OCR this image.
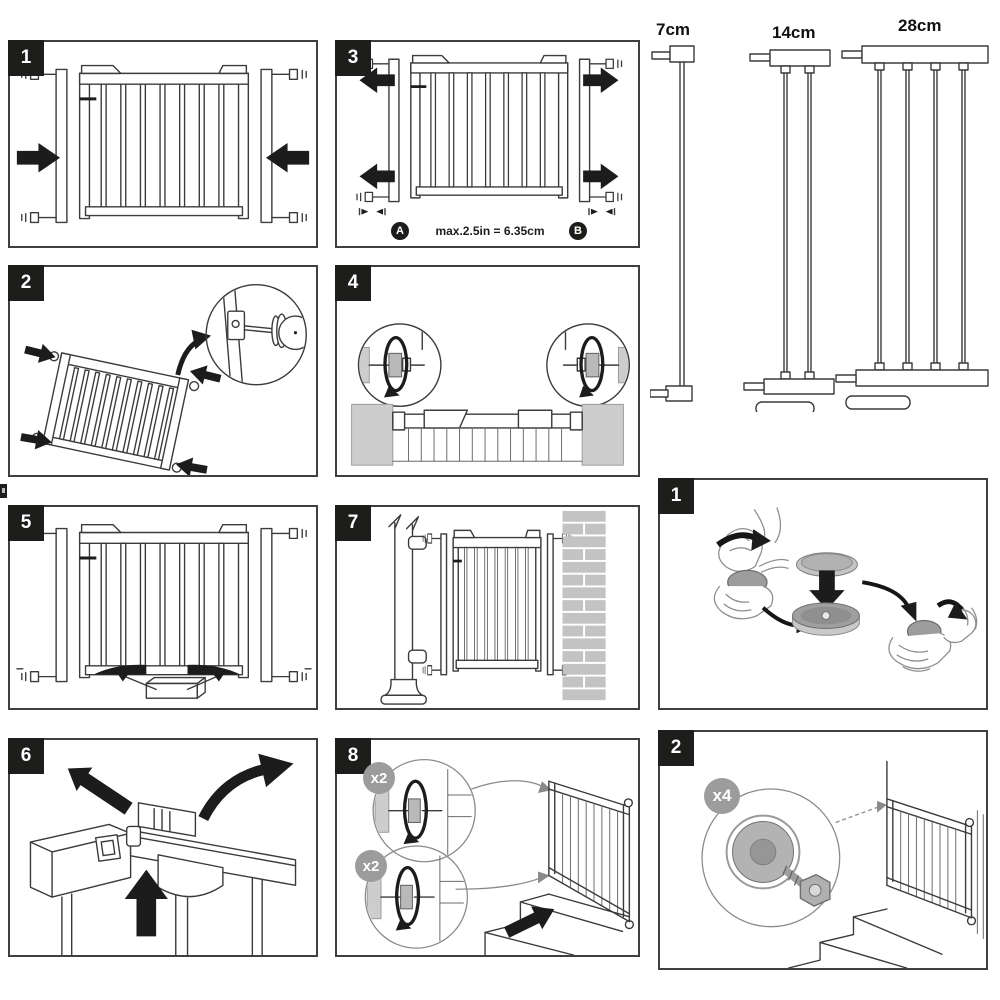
1	3
A	B
max.2.5in = 6.35cm
2	4
5	7
6	8
x2
x2
1
2
x4
7cm	14cm	28cm
